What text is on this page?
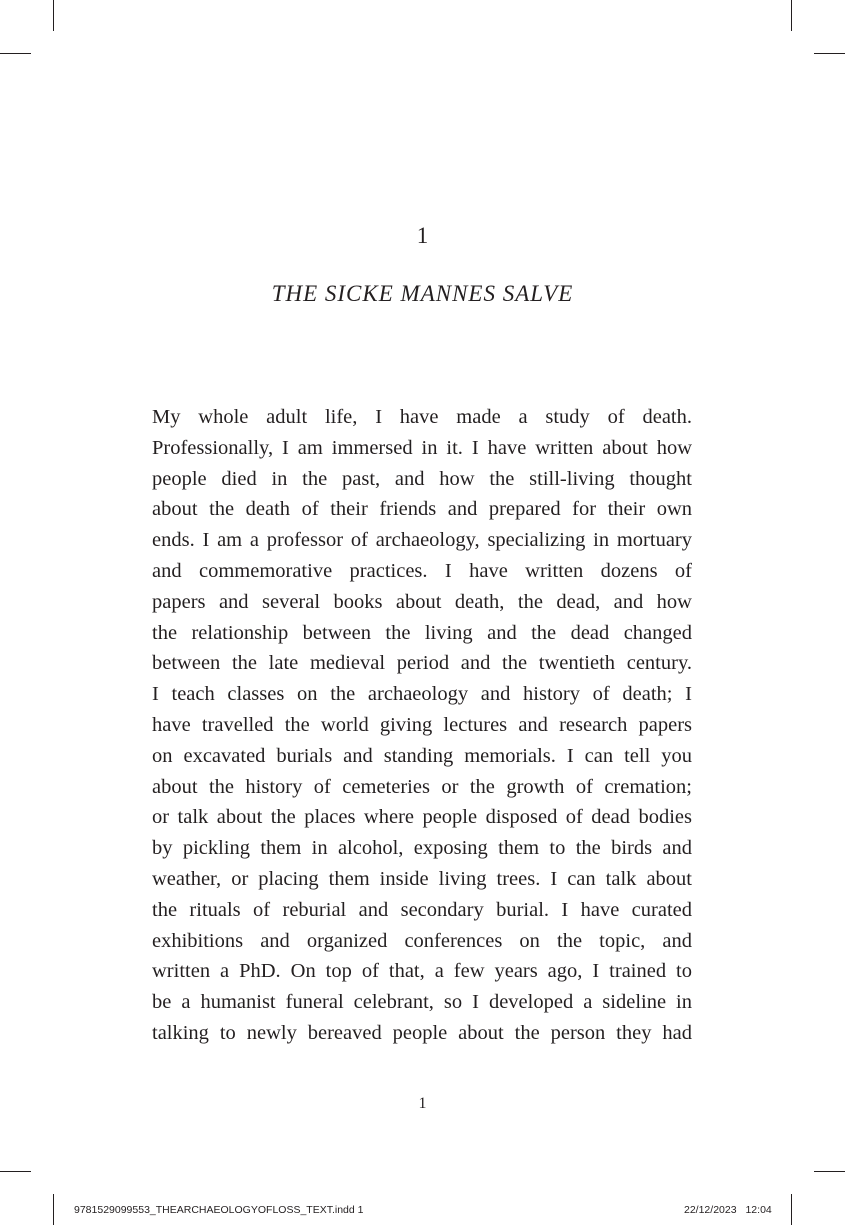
1
THE SICKE MANNES SALVE
My whole adult life, I have made a study of death.
Professionally, I am immersed in it. I have written about how
people died in the past, and how the still-living thought
about the death of their friends and prepared for their own
ends. I am a professor of archaeology, specializing in mortuary
and commemorative practices. I have written dozens of
papers and several books about death, the dead, and how
the relationship between the living and the dead changed
between the late medieval period and the twentieth century.
I teach classes on the archaeology and history of death; I
have travelled the world giving lectures and research papers
on excavated burials and standing memorials. I can tell you
about the history of cemeteries or the growth of cremation;
or talk about the places where people disposed of dead bodies
by pickling them in alcohol, exposing them to the birds and
weather, or placing them inside living trees. I can talk about
the rituals of reburial and secondary burial. I have curated
exhibitions and organized conferences on the topic, and
written a PhD. On top of that, a few years ago, I trained to
be a humanist funeral celebrant, so I developed a sideline in
talking to newly bereaved people about the person they had
1
9781529099553_THEARCHAEOLOGYOFLOSS_TEXT.indd 1	22/12/2023 12:04
